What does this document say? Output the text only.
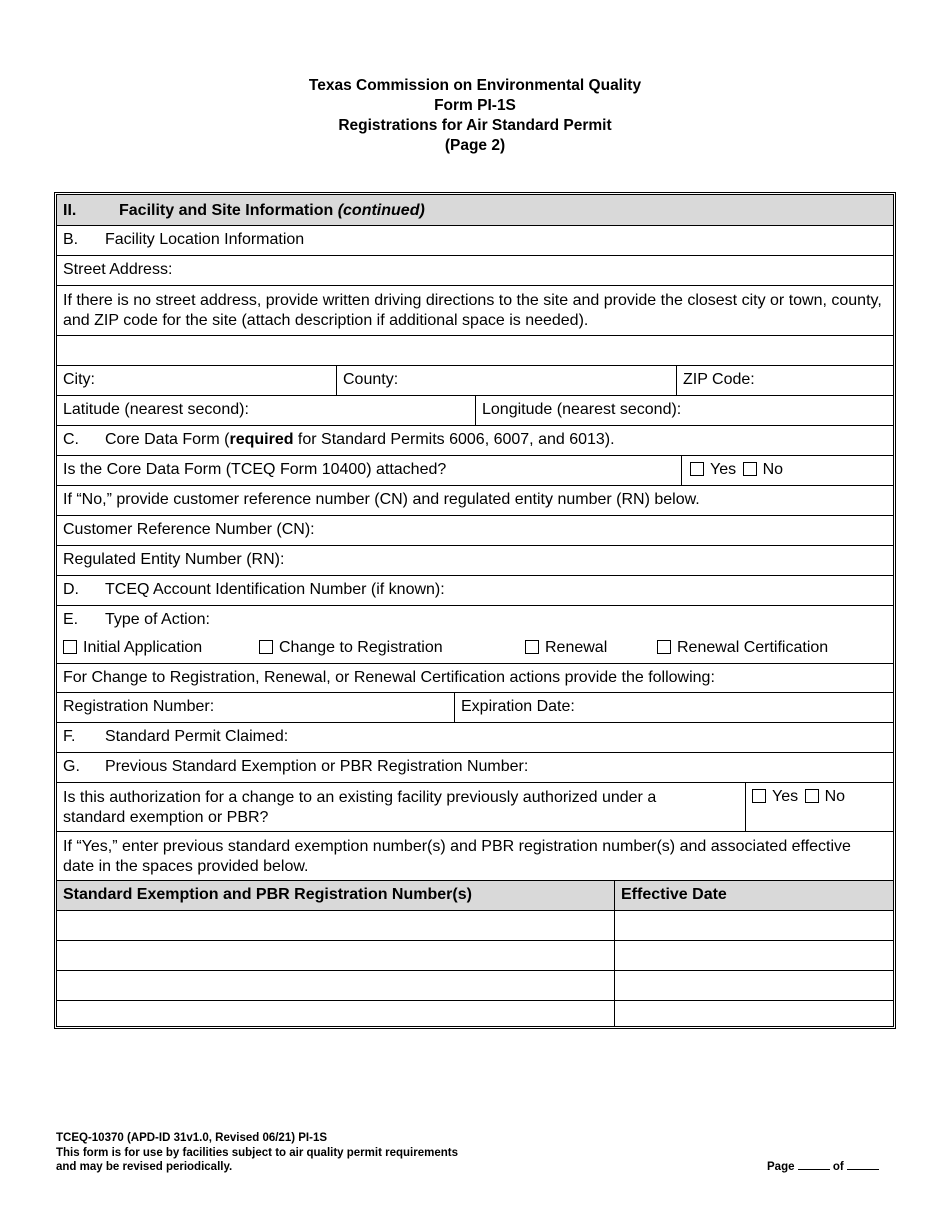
Texas Commission on Environmental Quality
Form PI-1S
Registrations for Air Standard Permit
(Page 2)
II.	Facility and Site Information (continued)
B. Facility Location Information
Street Address:
If there is no street address, provide written driving directions to the site and provide the closest city or town, county, and ZIP code for the site (attach description if additional space is needed).
City:	County:	ZIP Code:
Latitude (nearest second):	Longitude (nearest second):
C. Core Data Form (required for Standard Permits 6006, 6007, and 6013).
Is the Core Data Form (TCEQ Form 10400) attached?	Yes No
If “No,” provide customer reference number (CN) and regulated entity number (RN) below.
Customer Reference Number (CN):
Regulated Entity Number (RN):
D. TCEQ Account Identification Number (if known):
E. Type of Action:
Initial Application	Change to Registration	Renewal	Renewal Certification
For Change to Registration, Renewal, or Renewal Certification actions provide the following:
Registration Number:	Expiration Date:
F. Standard Permit Claimed:
G. Previous Standard Exemption or PBR Registration Number:
Is this authorization for a change to an existing facility previously authorized under a standard exemption or PBR?
Yes No
If “Yes,” enter previous standard exemption number(s) and PBR registration number(s) and associated effective date in the spaces provided below.
Standard Exemption and PBR Registration Number(s)	Effective Date
TCEQ-10370 (APD-ID 31v1.0, Revised 06/21) PI-1S
This form is for use by facilities subject to air quality permit requirements
and may be revised periodically.	Page	of
